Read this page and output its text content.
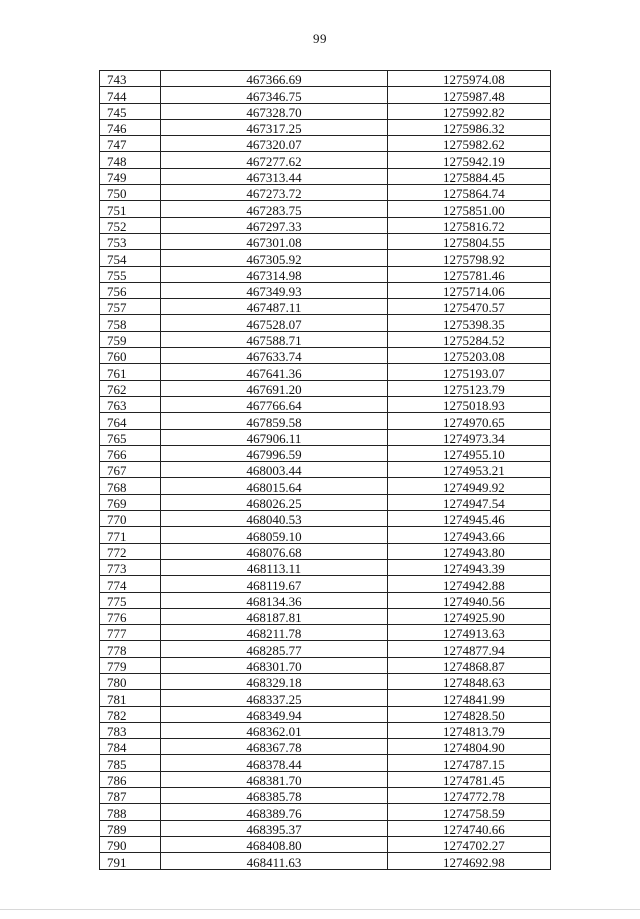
99
743	467366.69	1275974.08
744	467346.75	1275987.48
745	467328.70	1275992.82
746	467317.25	1275986.32
747	467320.07	1275982.62
748	467277.62	1275942.19
749	467313.44	1275884.45
750	467273.72	1275864.74
751	467283.75	1275851.00
752	467297.33	1275816.72
753	467301.08	1275804.55
754	467305.92	1275798.92
755	467314.98	1275781.46
756	467349.93	1275714.06
757	467487.11	1275470.57
758	467528.07	1275398.35
759	467588.71	1275284.52
760	467633.74	1275203.08
761	467641.36	1275193.07
762	467691.20	1275123.79
763	467766.64	1275018.93
764	467859.58	1274970.65
765	467906.11	1274973.34
766	467996.59	1274955.10
767	468003.44	1274953.21
768	468015.64	1274949.92
769	468026.25	1274947.54
770	468040.53	1274945.46
771	468059.10	1274943.66
772	468076.68	1274943.80
773	468113.11	1274943.39
774	468119.67	1274942.88
775	468134.36	1274940.56
776	468187.81	1274925.90
777	468211.78	1274913.63
778	468285.77	1274877.94
779	468301.70	1274868.87
780	468329.18	1274848.63
781	468337.25	1274841.99
782	468349.94	1274828.50
783	468362.01	1274813.79
784	468367.78	1274804.90
785	468378.44	1274787.15
786	468381.70	1274781.45
787	468385.78	1274772.78
788	468389.76	1274758.59
789	468395.37	1274740.66
790	468408.80	1274702.27
791	468411.63	1274692.98
